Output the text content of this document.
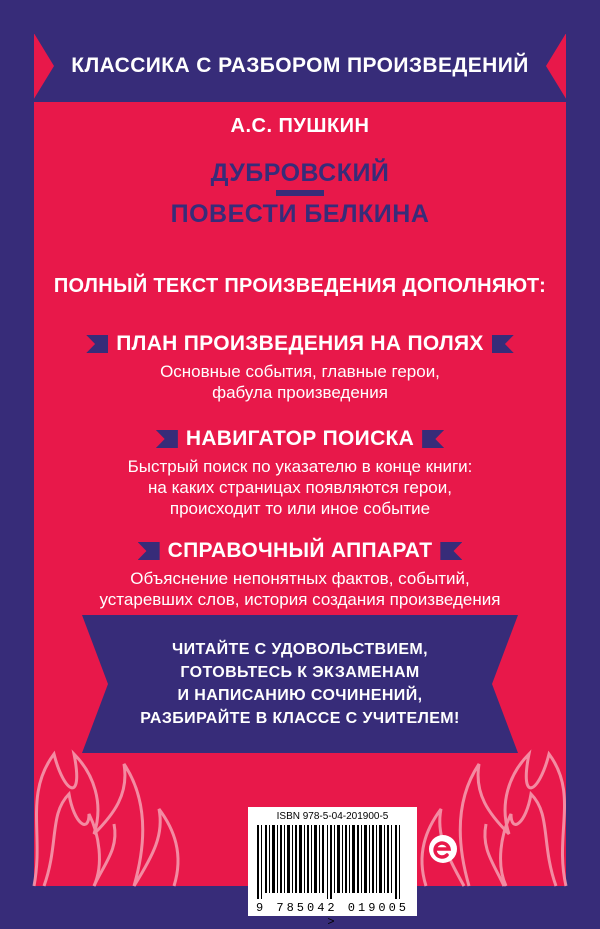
ISBN 978-5-04-201900-5
9 785042 019005 >
КЛАССИКА С РАЗБОРОМ ПРОИЗВЕДЕНИЙ
А.С. ПУШКИН
ДУБРОВСКИЙ
ПОВЕСТИ БЕЛКИНА
ПОЛНЫЙ ТЕКСТ ПРОИЗВЕДЕНИЯ ДОПОЛНЯЮТ:
ПЛАН ПРОИЗВЕДЕНИЯ НА ПОЛЯХ
Основные события, главные герои,
фабула произведения
НАВИГАТОР ПОИСКА
Быстрый поиск по указателю в конце книги:
на каких страницах появляются герои,
происходит то или иное событие
СПРАВОЧНЫЙ АППАРАТ
Объяснение непонятных фактов, событий,
устаревших слов, история создания произведения
ЧИТАЙТЕ С УДОВОЛЬСТВИЕМ,
ГОТОВЬТЕСЬ К ЭКЗАМЕНАМ
И НАПИСАНИЮ СОЧИНЕНИЙ,
РАЗБИРАЙТЕ В КЛАССЕ С УЧИТЕЛЕМ!
